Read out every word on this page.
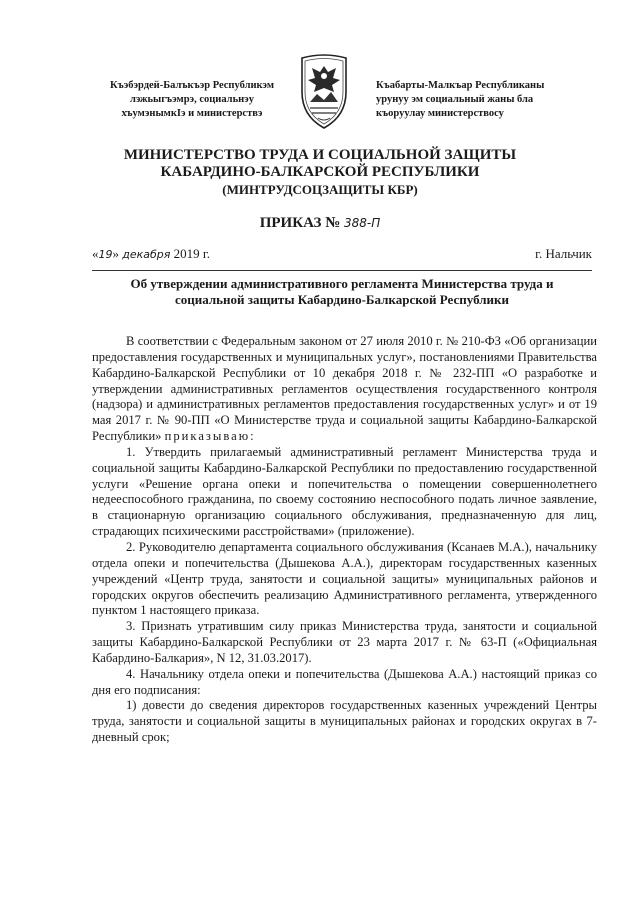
Къэбэрдей-Балъкъэр Республикэм
лэжьыгъэмрэ, социальнэу
хъумэнымкIэ и министерствэ
Къабарты-Малкъар Республиканы
урунуу эм социальный жаны бла
къоруулау министерствосу
МИНИСТЕРСТВО ТРУДА И СОЦИАЛЬНОЙ ЗАЩИТЫ
КАБАРДИНО-БАЛКАРСКОЙ РЕСПУБЛИКИ
(МИНТРУДСОЦЗАЩИТЫ КБР)
ПРИКАЗ № 388-П
«19» декабря 2019 г.	г. Нальчик
Об утверждении административного регламента Министерства труда и
социальной защиты Кабардино-Балкарской Республики

В соответствии с Федеральным законом от 27 июля 2010 г. № 210-ФЗ «Об организации предоставления государственных и муниципальных услуг», постановлениями Правительства Кабардино-Балкарской Республики от 10 декабря 2018 г. № 232-ПП «О разработке и утверждении административных регламентов осуществления государственного контроля (надзора) и административных регламентов предоставления государственных услуг» и от 19 мая 2017 г. № 90-ПП «О Министерстве труда и социальной защиты Кабардино-Балкарской Республики» приказываю:

1. Утвердить прилагаемый административный регламент Министерства труда и социальной защиты Кабардино-Балкарской Республики по предоставлению государственной услуги «Решение органа опеки и попечительства о помещении совершеннолетнего недееспособного гражданина, по своему состоянию неспособного подать личное заявление, в стационарную организацию социального обслуживания, предназначенную для лиц, страдающих психическими расстройствами» (приложение).

2. Руководителю департамента социального обслуживания (Ксанаев М.А.), начальнику отдела опеки и попечительства (Дышекова А.А.), директорам государственных казенных учреждений «Центр труда, занятости и социальной защиты» муниципальных районов и городских округов обеспечить реализацию Административного регламента, утвержденного пунктом 1 настоящего приказа.

3. Признать утратившим силу приказ Министерства труда, занятости и социальной защиты Кабардино-Балкарской Республики от 23 марта 2017 г. № 63-П («Официальная Кабардино-Балкария», N 12, 31.03.2017).

4. Начальнику отдела опеки и попечительства (Дышекова А.А.) настоящий приказ со дня его подписания:

1) довести до сведения директоров государственных казенных учреждений Центры труда, занятости и социальной защиты в муниципальных районах и городских округах в 7-дневный срок;
